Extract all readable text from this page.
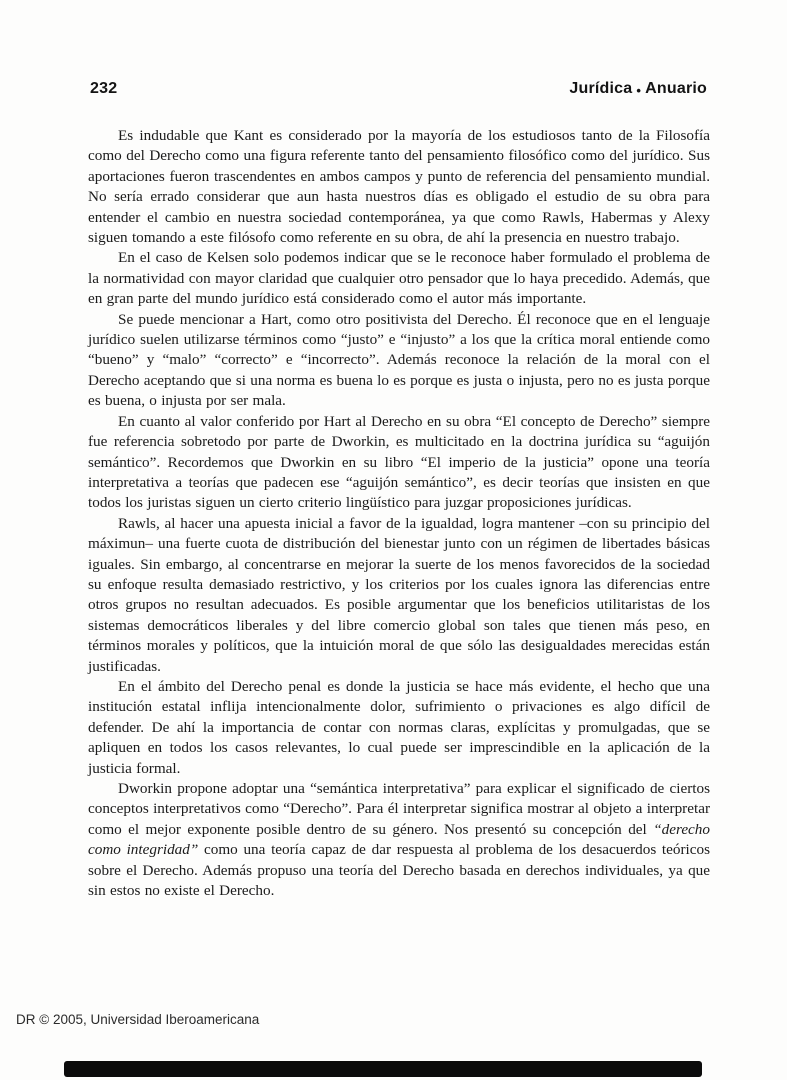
232	Jurídica • Anuario

Es indudable que Kant es considerado por la mayoría de los estudiosos tanto de la Filosofía como del Derecho como una figura referente tanto del pensamiento filosófico como del jurídico. Sus aportaciones fueron trascendentes en ambos campos y punto de referencia del pensamiento mundial. No sería errado considerar que aun hasta nuestros días es obligado el estudio de su obra para entender el cambio en nuestra sociedad contemporánea, ya que como Rawls, Habermas y Alexy siguen tomando a este filósofo como referente en su obra, de ahí la presencia en nuestro trabajo.

En el caso de Kelsen solo podemos indicar que se le reconoce haber formulado el problema de la normatividad con mayor claridad que cualquier otro pensador que lo haya precedido. Además, que en gran parte del mundo jurídico está considerado como el autor más importante.

Se puede mencionar a Hart, como otro positivista del Derecho. Él reconoce que en el lenguaje jurídico suelen utilizarse términos como “justo” e “injusto” a los que la crítica moral entiende como “bueno” y “malo” “correcto” e “incorrecto”. Además reconoce la relación de la moral con el Derecho aceptando que si una norma es buena lo es porque es justa o injusta, pero no es justa porque es buena, o injusta por ser mala.

En cuanto al valor conferido por Hart al Derecho en su obra “El concepto de Derecho” siempre fue referencia sobretodo por parte de Dworkin, es multicitado en la doctrina jurídica su “aguijón semántico”. Recordemos que Dworkin en su libro “El imperio de la justicia” opone una teoría interpretativa a teorías que padecen ese “aguijón semántico”, es decir teorías que insisten en que todos los juristas siguen un cierto criterio lingüístico para juzgar proposiciones jurídicas.

Rawls, al hacer una apuesta inicial a favor de la igualdad, logra mantener –con su principio del máximun– una fuerte cuota de distribución del bienestar junto con un régimen de libertades básicas iguales. Sin embargo, al concentrarse en mejorar la suerte de los menos favorecidos de la sociedad su enfoque resulta demasiado restrictivo, y los criterios por los cuales ignora las diferencias entre otros grupos no resultan adecuados. Es posible argumentar que los beneficios utilitaristas de los sistemas democráticos liberales y del libre comercio global son tales que tienen más peso, en términos morales y políticos, que la intuición moral de que sólo las desigualdades merecidas están justificadas.

En el ámbito del Derecho penal es donde la justicia se hace más evidente, el hecho que una institución estatal inflija intencionalmente dolor, sufrimiento o privaciones es algo difícil de defender. De ahí la importancia de contar con normas claras, explícitas y promulgadas, que se apliquen en todos los casos relevantes, lo cual puede ser imprescindible en la aplicación de la justicia formal.

Dworkin propone adoptar una “semántica interpretativa” para explicar el significado de ciertos conceptos interpretativos como “Derecho”. Para él interpretar significa mostrar al objeto a interpretar como el mejor exponente posible dentro de su género. Nos presentó su concepción del “derecho como integridad” como una teoría capaz de dar respuesta al problema de los desacuerdos teóricos sobre el Derecho. Además propuso una teoría del Derecho basada en derechos individuales, ya que sin estos no existe el Derecho.

DR © 2005, Universidad Iberoamericana
